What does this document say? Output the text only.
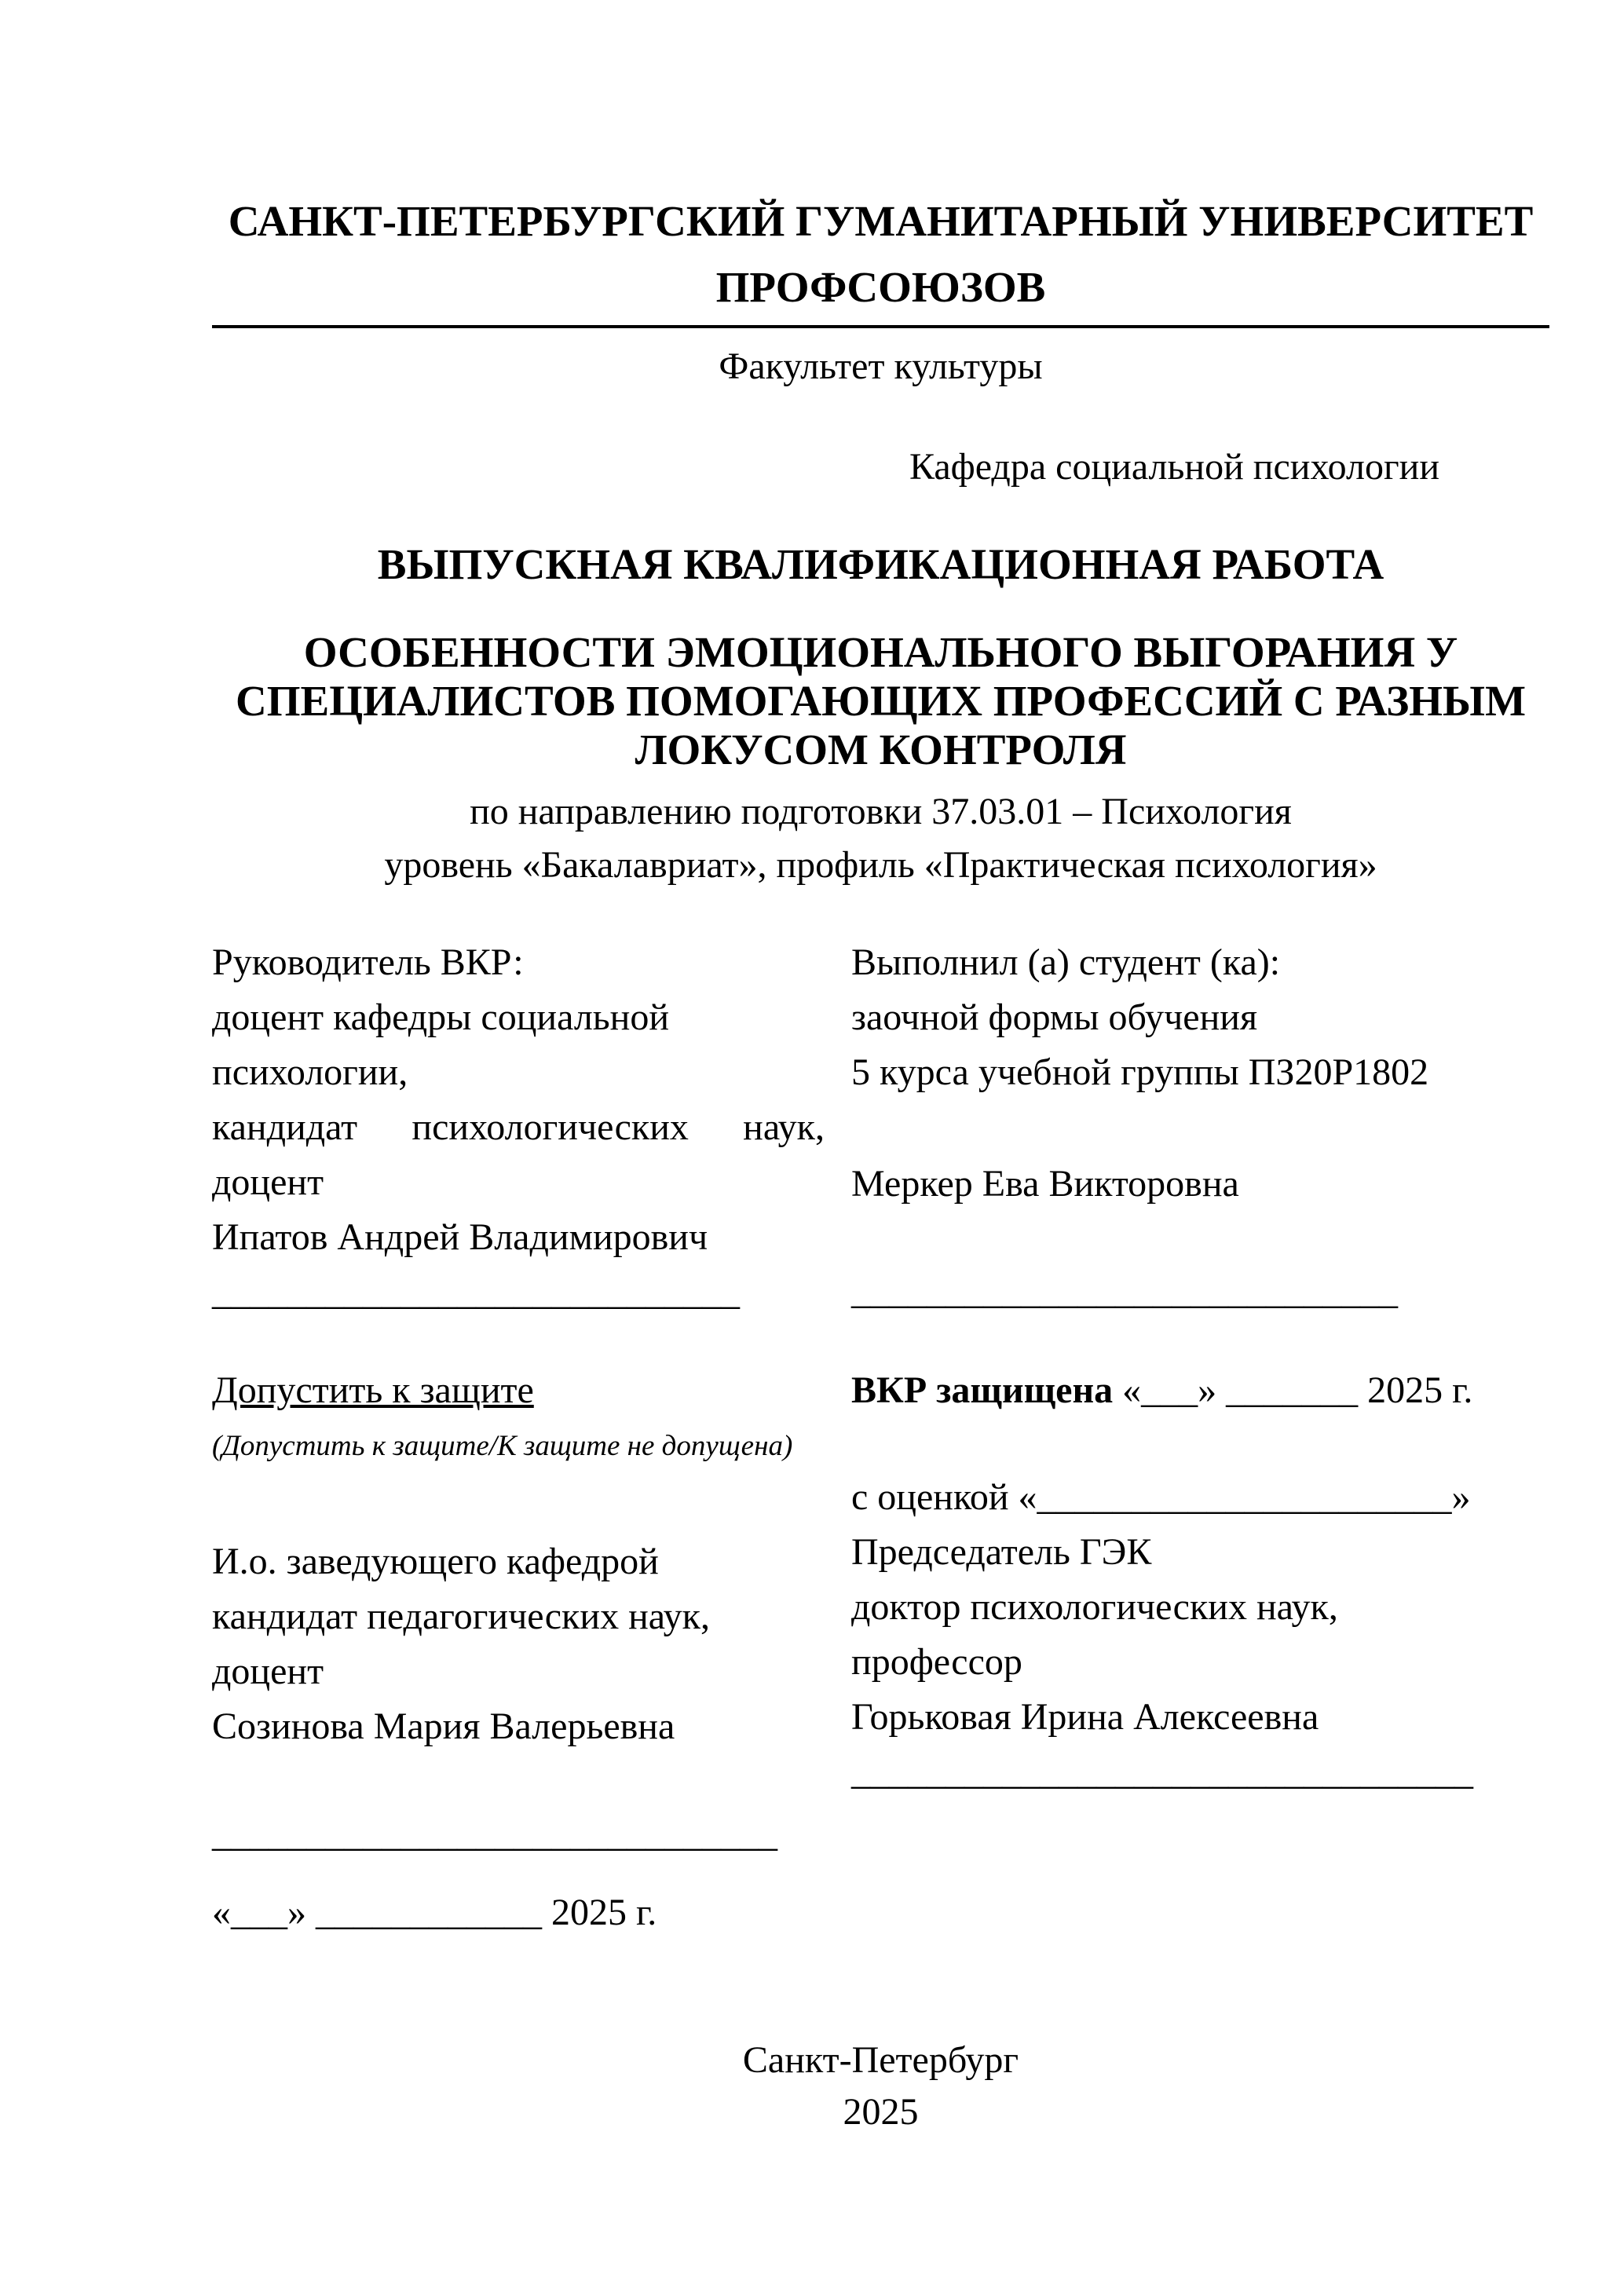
САНКТ-ПЕТЕРБУРГСКИЙ ГУМАНИТАРНЫЙ УНИВЕРСИТЕТ
ПРОФСОЮЗОВ
Факультет культуры
Кафедра социальной психологии
ВЫПУСКНАЯ КВАЛИФИКАЦИОННАЯ РАБОТА
ОСОБЕННОСТИ ЭМОЦИОНАЛЬНОГО ВЫГОРАНИЯ У
СПЕЦИАЛИСТОВ ПОМОГАЮЩИХ ПРОФЕССИЙ С РАЗНЫМ
ЛОКУСОМ КОНТРОЛЯ
по направлению подготовки 37.03.01 – Психология
уровень «Бакалавриат», профиль «Практическая психология»
Руководитель ВКР:
доцент кафедры социальной
психологии,
кандидат психологических наук,
доцент
Ипатов Андрей Владимирович
____________________________
Выполнил (а) студент (ка):
заочной формы обучения
5 курса учебной группы ПЗ20Р1802
Меркер Ева Викторовна
_____________________________
Допустить к защите
(Допустить к защите/К защите не допущена)
И.о. заведующего кафедрой
кандидат педагогических наук,
доцент
Созинова Мария Валерьевна
______________________________
«___» ____________ 2025 г.
ВКР защищена «___» _______ 2025 г.
с оценкой «______________________»
Председатель ГЭК
доктор психологических наук,
профессор
Горьковая Ирина Алексеевна
_________________________________
Санкт-Петербург
2025
